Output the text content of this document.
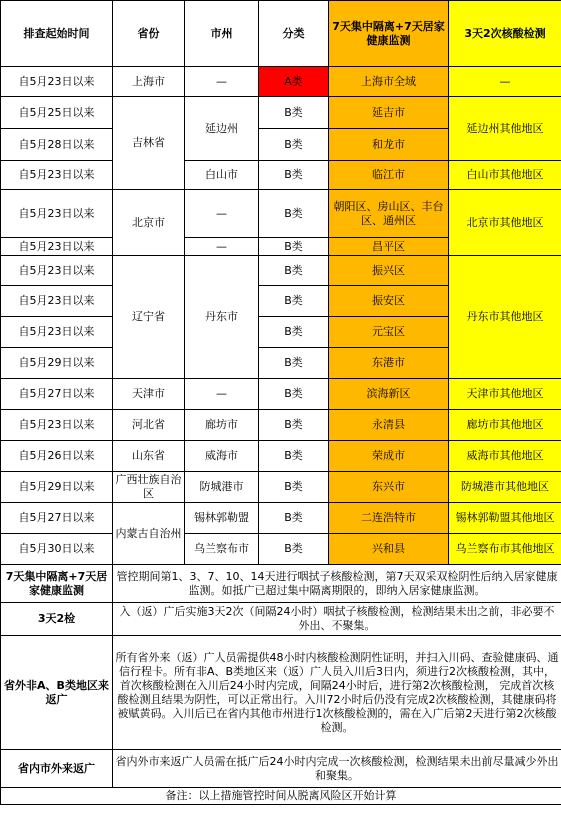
排查起始时间	省份	市州	分类	7天集中隔离+7天居家健康监测	3天2次核酸检测
自5月23日以来	上海市	—	A类	上海市全域	—
自5月25日以来	吉林省	延边州	B类	延吉市	延边州其他地区
自5月28日以来			B类	和龙市	
自5月23日以来		白山市	B类	临江市	白山市其他地区
自5月23日以来	北京市	—	B类	朝阳区、房山区、丰台区、通州区	北京市其他地区
自5月23日以来		—	B类	昌平区	
自5月23日以来	辽宁省	丹东市	B类	振兴区	丹东市其他地区
自5月23日以来			B类	振安区	
自5月23日以来			B类	元宝区	
自5月29日以来			B类	东港市	
自5月27日以来	天津市	—	B类	滨海新区	天津市其他地区
自5月23日以来	河北省	廊坊市	B类	永清县	廊坊市其他地区
自5月26日以来	山东省	威海市	B类	荣成市	威海市其他地区
自5月29日以来	广西壮族自治区	防城港市	B类	东兴市	防城港市其他地区
自5月27日以来	内蒙古自治州	锡林郭勒盟	B类	二连浩特市	锡林郭勒盟其他地区
自5月30日以来		乌兰察布市	B类	兴和县	乌兰察布市其他地区
7天集中隔离+7天居家健康监测	管控期间第1、3、7、10、14天进行咽拭子核酸检测，第7天双采双检阴性后纳入居家健康监测。如抵广已超过集中隔离期限的，即纳入居家健康监测。				
3天2检	入（返）广后实施3天2次（间隔24小时）咽拭子核酸检测，检测结果未出之前，非必要不外出、不聚集。				
省外非A、B类地区来返广	所有省外来（返）广人员需提供48小时内核酸检测阴性证明，并扫入川码、查验健康码、通信行程卡。所有非A、B类地区来（返）广人员入川后3日内，须进行2次核酸检测，其中，首次核酸检测在入川后24小时内完成，间隔24小时后，进行第2次核酸检测， 完成首次核酸检测且结果为阴性，可以正常出行。入川72小时后仍没有完成2次核酸检测，其健康码将被赋黄码。入川后已在省内其他市州进行1次核酸检测的，需在入广后第2天进行第2次核酸检测。				
省内市外来返广	省内外市来返广人员需在抵广后24小时内完成一次核酸检测，检测结果未出前尽量减少外出和聚集。				
备注：以上措施管控时间从脱离风险区开始计算					
